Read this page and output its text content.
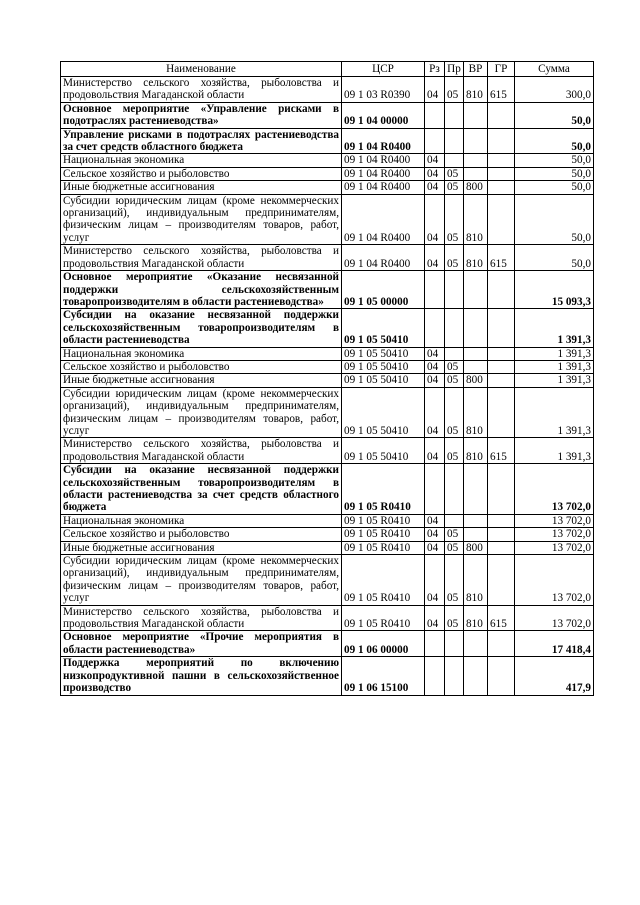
Наименование	ЦСР	Рз	Пр	ВР	ГР	Сумма
Министерство сельского хозяйства, рыболовства и продовольствия Магаданской области	09 1 03 R0390	04	05	810	615	300,0
Основное мероприятие «Управление рисками в подотраслях растениеводства»	09 1 04 00000					50,0
Управление рисками в подотраслях растениеводства за счет средств областного бюджета	09 1 04 R0400					50,0
Национальная экономика	09 1 04 R0400	04				50,0
Сельское хозяйство и рыболовство	09 1 04 R0400	04	05			50,0
Иные бюджетные ассигнования	09 1 04 R0400	04	05	800		50,0
Субсидии юридическим лицам (кроме некоммерческих организаций), индивидуальным предпринимателям, физическим лицам – производителям товаров, работ, услуг	09 1 04 R0400	04	05	810		50,0
Министерство сельского хозяйства, рыболовства и продовольствия Магаданской области	09 1 04 R0400	04	05	810	615	50,0
Основное мероприятие «Оказание несвязанной поддержки сельскохозяйственным товаропроизводителям в области растениеводства»	09 1 05 00000					15 093,3
Субсидии на оказание несвязанной поддержки сельскохозяйственным товаропроизводителям в области растениеводства	09 1 05 50410					1 391,3
Национальная экономика	09 1 05 50410	04				1 391,3
Сельское хозяйство и рыболовство	09 1 05 50410	04	05			1 391,3
Иные бюджетные ассигнования	09 1 05 50410	04	05	800		1 391,3
Субсидии юридическим лицам (кроме некоммерческих организаций), индивидуальным предпринимателям, физическим лицам – производителям товаров, работ, услуг	09 1 05 50410	04	05	810		1 391,3
Министерство сельского хозяйства, рыболовства и продовольствия Магаданской области	09 1 05 50410	04	05	810	615	1 391,3
Субсидии на оказание несвязанной поддержки сельскохозяйственным товаропроизводителям в области растениеводства за счет средств областного бюджета	09 1 05 R0410					13 702,0
Национальная экономика	09 1 05 R0410	04				13 702,0
Сельское хозяйство и рыболовство	09 1 05 R0410	04	05			13 702,0
Иные бюджетные ассигнования	09 1 05 R0410	04	05	800		13 702,0
Субсидии юридическим лицам (кроме некоммерческих организаций), индивидуальным предпринимателям, физическим лицам – производителям товаров, работ, услуг	09 1 05 R0410	04	05	810		13 702,0
Министерство сельского хозяйства, рыболовства и продовольствия Магаданской области	09 1 05 R0410	04	05	810	615	13 702,0
Основное мероприятие «Прочие мероприятия в области растениеводства»	09 1 06 00000					17 418,4
Поддержка мероприятий по включению низкопродуктивной пашни в сельскохозяйственное производство	09 1 06 15100					417,9
